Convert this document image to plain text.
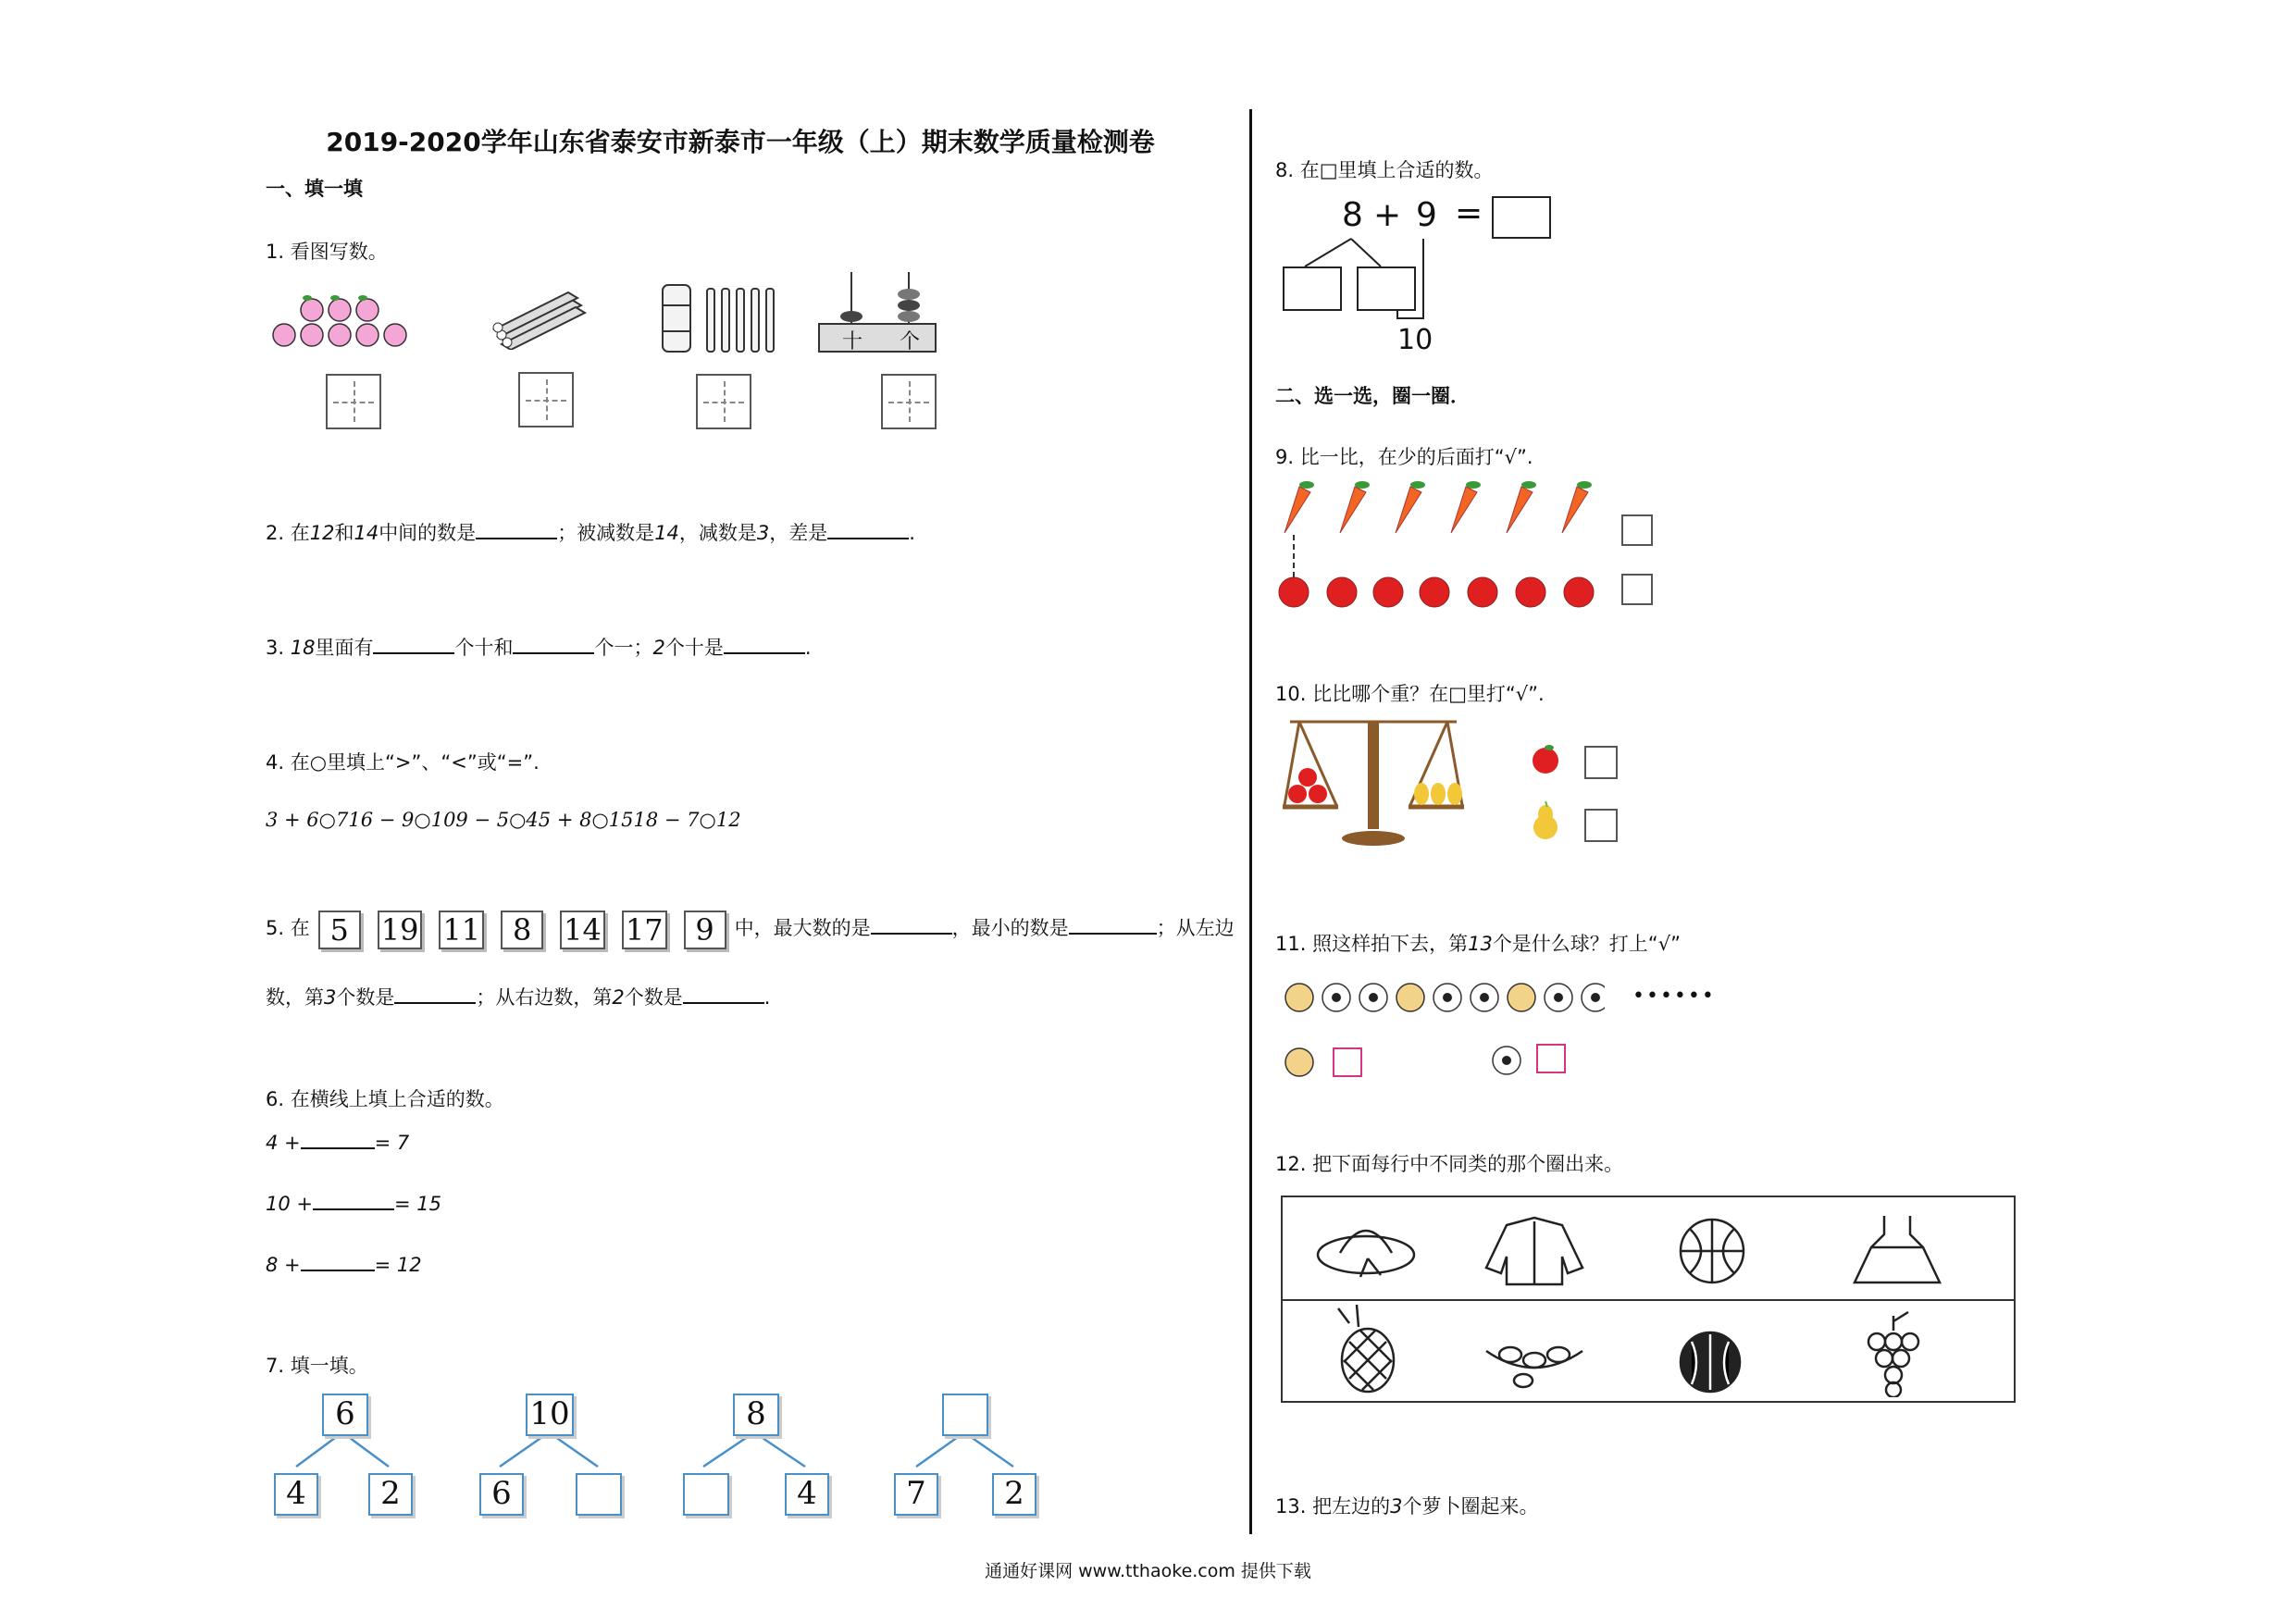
2019-2020学年山东省泰安市新泰市一年级（上）期末数学质量检测卷
一、填一填
1. 看图写数。
十 个
2. 在12和14中间的数是	；被减数是14，减数是3，差是	.
3. 18里面有	个十和	个一；2个十是	.
4. 在○里填上“>”、“<”或“=”.
3 + 6○716 − 9○109 − 5○45 + 8○1518 − 7○12
5. 在 5 19 11 8 14 17 9 中，最大数的是	，最小的数是	；从左边
数，第3个数是	；从右边数，第2个数是	.
6. 在横线上填上合适的数。
4 +	= 7
10 +	= 15
8 +	= 12
7. 填一填。
6
4	2
10
6
8
4	7	2
8. 在□里填上合适的数。
8 + 9 =
10
二、选一选，圈一圈．
9. 比一比，在少的后面打“√”.
10. 比比哪个重？在□里打“√”.
11. 照这样拍下去，第13个是什么球？打上“√”
••••••
12. 把下面每行中不同类的那个圈出来。
13. 把左边的3个萝卜圈起来。
通通好课网 www.tthaoke.com 提供下载
